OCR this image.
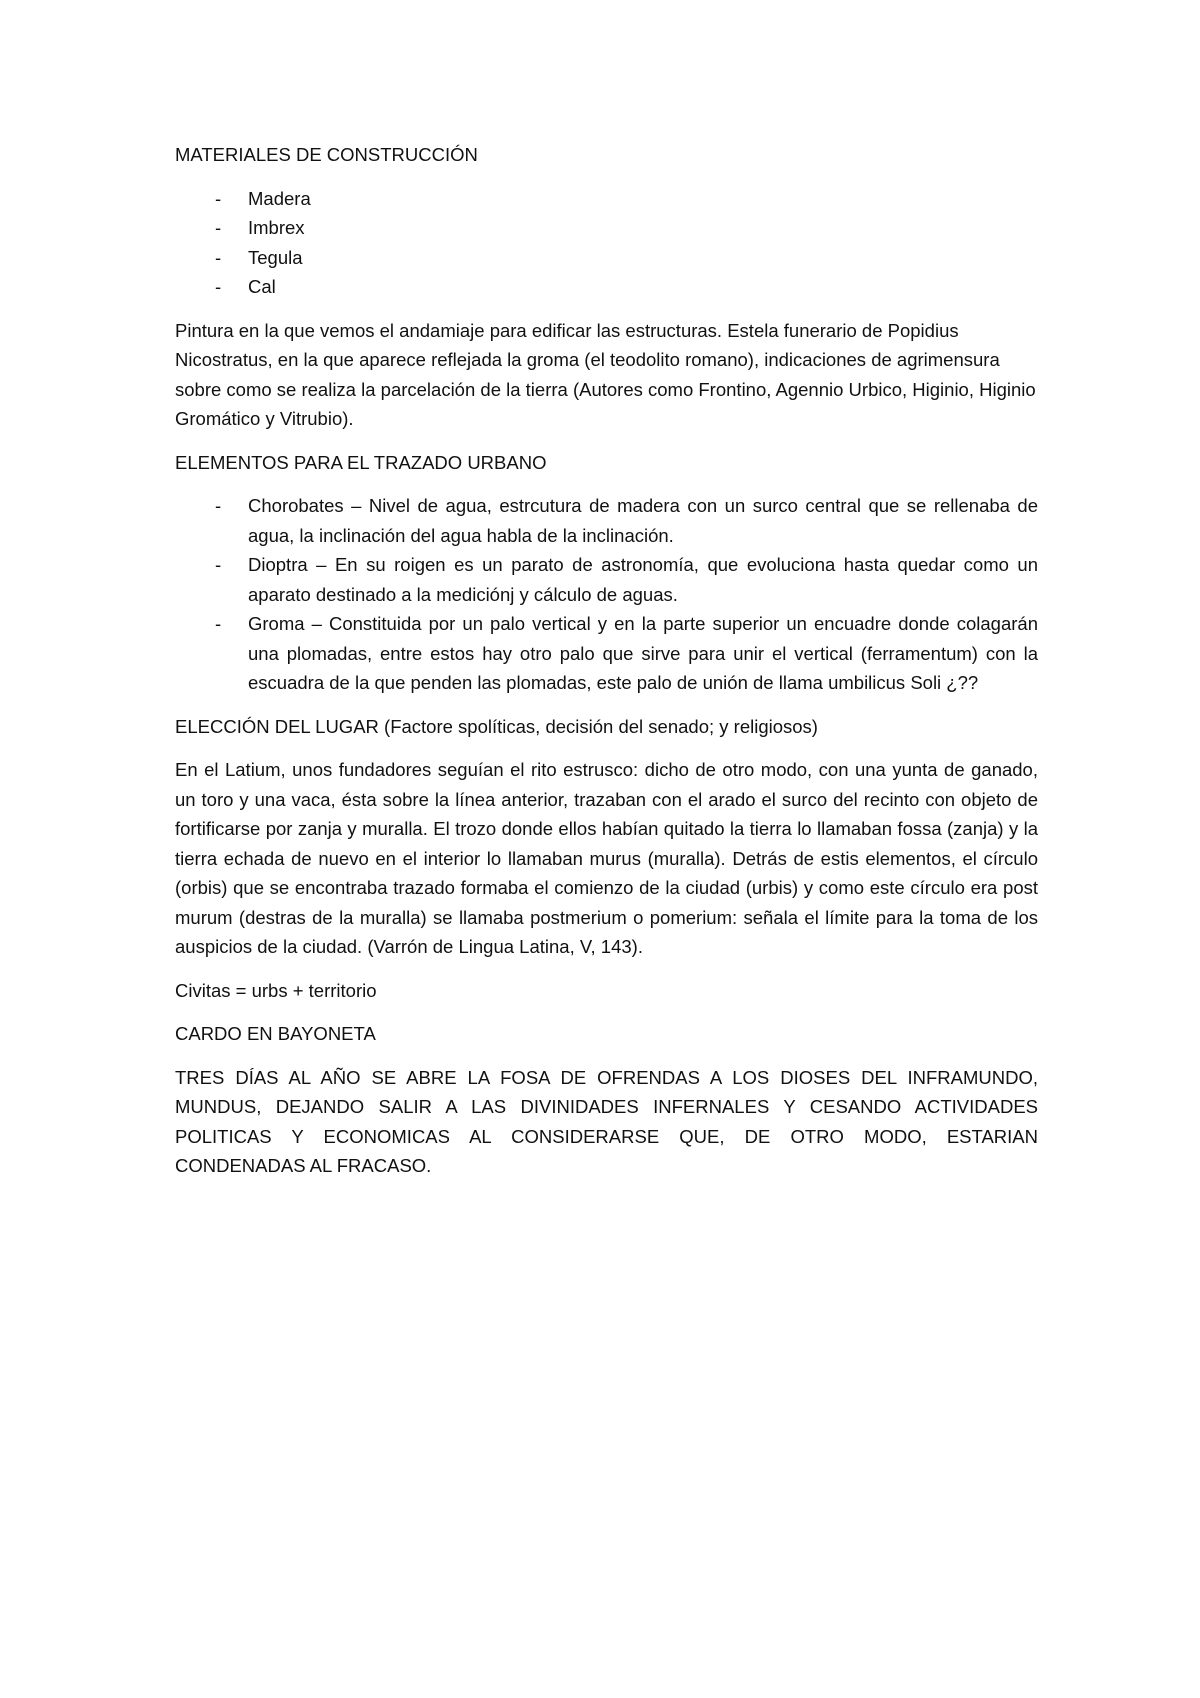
MATERIALES DE CONSTRUCCIÓN
- Madera
- Imbrex
- Tegula
- Cal

Pintura en la que vemos el andamiaje para edificar las estructuras. Estela funerario de Popidius Nicostratus, en la que aparece reflejada la groma (el teodolito romano), indicaciones de agrimensura sobre como se realiza la parcelación de la tierra (Autores como Frontino, Agennio Urbico, Higinio, Higinio Gromático y Vitrubio).

ELEMENTOS PARA EL TRAZADO URBANO
- Chorobates – Nivel de agua, estrcutura de madera con un surco central que se rellenaba de agua, la inclinación del agua habla de la inclinación.
- Dioptra – En su roigen es un parato de astronomía, que evoluciona hasta quedar como un aparato destinado a la mediciónj y cálculo de aguas.
- Groma – Constituida por un palo vertical y en la parte superior un encuadre donde colagarán una plomadas, entre estos hay otro palo que sirve para unir el vertical (ferramentum) con la escuadra de la que penden las plomadas, este palo de unión de llama umbilicus Soli ¿??
ELECCIÓN DEL LUGAR (Factore spolíticas, decisión del senado; y religiosos)

En el Latium, unos fundadores seguían el rito estrusco: dicho de otro modo, con una yunta de ganado, un toro y una vaca, ésta sobre la línea anterior, trazaban con el arado el surco del recinto con objeto de fortificarse por zanja y muralla. El trozo donde ellos habían quitado la tierra lo llamaban fossa (zanja) y la tierra echada de nuevo en el interior lo llamaban murus (muralla). Detrás de estis elementos, el círculo (orbis) que se encontraba trazado formaba el comienzo de la ciudad (urbis) y como este círculo era post murum (destras de la muralla) se llamaba postmerium o pomerium: señala el límite para la toma de los auspicios de la ciudad. (Varrón de Lingua Latina, V, 143).

Civitas = urbs + territorio

CARDO EN BAYONETA

TRES DÍAS AL AÑO SE ABRE LA FOSA DE OFRENDAS A LOS DIOSES DEL INFRAMUNDO, MUNDUS, DEJANDO SALIR A LAS DIVINIDADES INFERNALES Y CESANDO ACTIVIDADES POLITICAS Y ECONOMICAS AL CONSIDERARSE QUE, DE OTRO MODO, ESTARIAN CONDENADAS AL FRACASO.
